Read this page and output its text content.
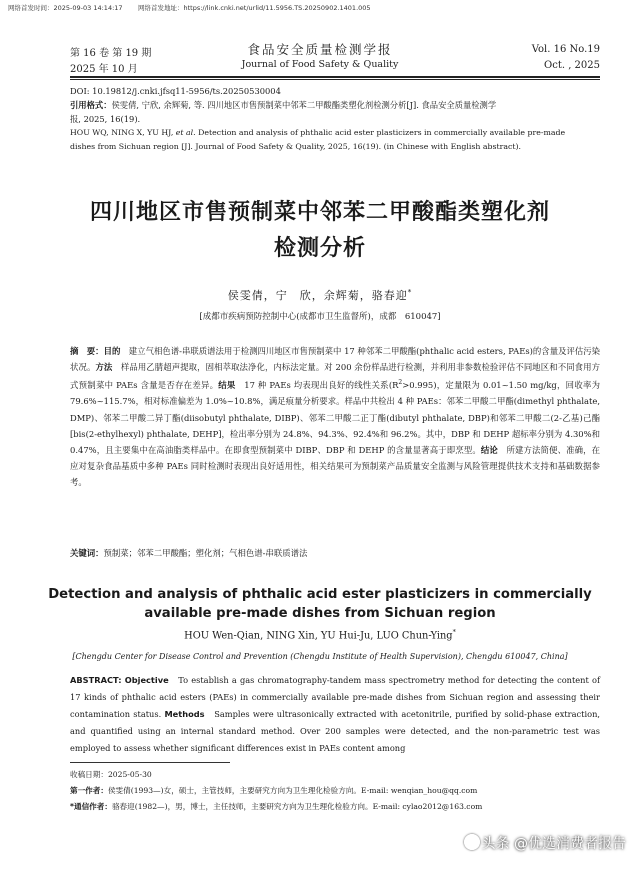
网络首发时间：2025-09-03 14:14:17 网络首发地址：https://link.cnki.net/urlid/11.5956.TS.20250902.1401.005
第 16 卷 第 19 期
2025 年 10 月
食品安全质量检测学报
Journal of Food Safety & Quality
Vol. 16 No.19
Oct. , 2025
DOI: 10.19812/j.cnki.jfsq11-5956/ts.20250530004
引用格式：侯雯倩, 宁欣, 余辉菊, 等. 四川地区市售预制菜中邻苯二甲酸酯类塑化剂检测分析[J]. 食品安全质量检测学
报, 2025, 16(19).
HOU WQ, NING X, YU HJ, et al. Detection and analysis of phthalic acid ester plasticizers in commercially available pre-made
dishes from Sichuan region [J]. Journal of Food Safety & Quality, 2025, 16(19). (in Chinese with English abstract).
四川地区市售预制菜中邻苯二甲酸酯类塑化剂
检测分析
侯雯倩，宁　欣，余辉菊，骆春迎*
[成都市疾病预防控制中心(成都市卫生监督所)，成都　610047]
摘　要：目的　 建立气相色谱-串联质谱法用于检测四川地区市售预制菜中 17 种邻苯二甲酸酯(phthalic acid esters, PAEs)的含量及评估污染状况。方法　 样品用乙腈超声提取，固相萃取法净化，内标法定量。对 200 余份样品进行检测，并利用非参数检验评估不同地区和不同食用方式预制菜中 PAEs 含量是否存在差异。结果　 17 种 PAEs 均表现出良好的线性关系$(R^2>0.995)$，定量限为 0.01~1.50 mg/kg，回收率为 79.6%~115.7%，相对标准偏差为 1.0%~10.8%，满足痕量分析要求。样品中共检出 4 种 PAEs：邻苯二甲酸二甲酯(dimethyl phthalate, DMP)、邻苯二甲酸二异丁酯(diisobutyl phthalate, DIBP)、邻苯二甲酸二正丁酯(dibutyl phthalate, DBP)和邻苯二甲酸二(2-乙基)己酯[bis(2-ethylhexyl) phthalate, DEHP]，检出率分别为 24.8%、94.3%、92.4%和 96.2%。其中，DBP 和 DEHP 超标率分别为 4.30%和 0.47%，且主要集中在高油脂类样品中。在即食型预制菜中 DIBP、DBP 和 DEHP 的含量显著高于即烹型。结论　 所建方法简便、准确，在应对复杂食品基质中多种 PAEs 同时检测时表现出良好适用性，相关结果可为预制菜产品质量安全监测与风险管理提供技术支持和基础数据参考。
关键词：预制菜；邻苯二甲酸酯；塑化剂；气相色谱-串联质谱法
Detection and analysis of phthalic acid ester plasticizers in commercially
available pre-made dishes from Sichuan region
HOU Wen-Qian, NING Xin, YU Hui-Ju, LUO Chun-Ying*
[Chengdu Center for Disease Control and Prevention (Chengdu Institute of Health Supervision), Chengdu 610047, China]
ABSTRACT: Objective To establish a gas chromatography-tandem mass spectrometry method for detecting the content of 17 kinds of phthalic acid esters (PAEs) in commercially available pre-made dishes from Sichuan region and assessing their contamination status. Methods Samples were ultrasonically extracted with acetonitrile, purified by solid-phase extraction, and quantified using an internal standard method. Over 200 samples were detected, and the non-parametric test was employed to assess whether significant differences exist in PAEs content among
收稿日期：2025-05-30
第一作者：侯雯倩(1993—)女，硕士，主管技师，主要研究方向为卫生理化检验方向。E-mail: wenqian_hou@qq.com
*通信作者：骆春迎(1982—)，男，博士，主任技师，主要研究方向为卫生理化检验方向。E-mail: cylao2012@163.com
头条 @优选消费者报告
